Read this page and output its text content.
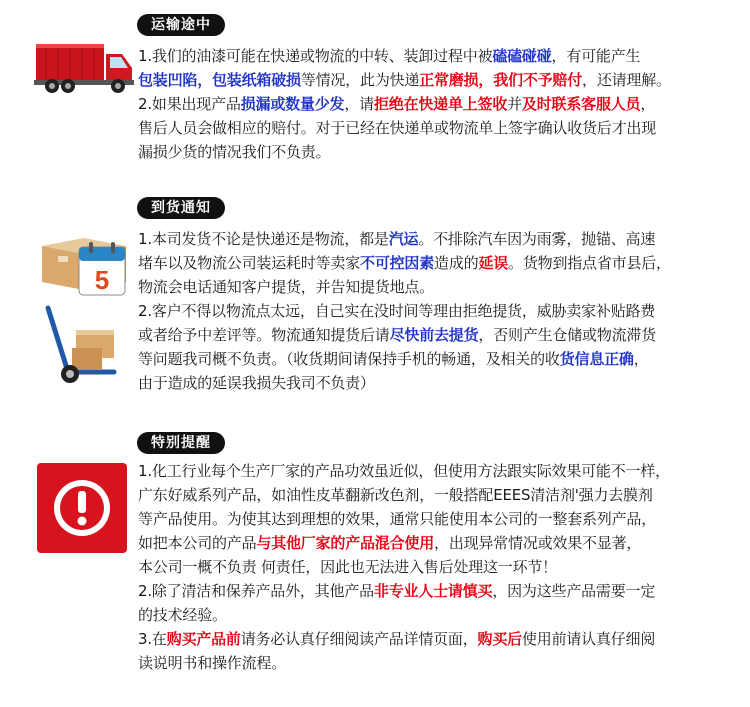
运输途中
1.我们的油漆可能在快递或物流的中转、装卸过程中被磕磕碰碰，有可能产生
包装凹陷，包装纸箱破损等情况，此为快递正常磨损，我们不予赔付，还请理解。
2.如果出现产品损漏或数量少发，请拒绝在快递单上签收并及时联系客服人员，
售后人员会做相应的赔付。对于已经在快递单或物流单上签字确认收货后才出现
漏损少货的情况我们不负责。
到货通知
5
1.本司发货不论是快递还是物流，都是汽运。不排除汽车因为雨雾，抛锚、高速
堵车以及物流公司装运耗时等卖家不可控因素造成的延误。货物到指点省市县后，
物流会电话通知客户提货，并告知提货地点。
2.客户不得以物流点太远，自己实在没时间等理由拒绝提货，威胁卖家补贴路费
或者给予中差评等。物流通知提货后请尽快前去提货，否则产生仓储或物流滞货
等问题我司概不负责。（收货期间请保持手机的畅通，及相关的收货信息正确，
由于造成的延误我损失我司不负责）
特别提醒
1.化工行业每个生产厂家的产品功效虽近似，但使用方法跟实际效果可能不一样，
广东好威系列产品，如油性皮革翻新改色剂，一般搭配EEES清洁剂'强力去膜剂
等产品使用。为使其达到理想的效果，通常只能使用本公司的一整套系列产品，
如把本公司的产品与其他厂家的产品混合使用，出现异常情况或效果不显著，
本公司一概不负责 何责任，因此也无法进入售后处理这一环节！
2.除了清洁和保养产品外，其他产品非专业人士请慎买，因为这些产品需要一定
的技术经验。
3.在购买产品前请务必认真仔细阅读产品详情页面，购买后使用前请认真仔细阅
读说明书和操作流程。
